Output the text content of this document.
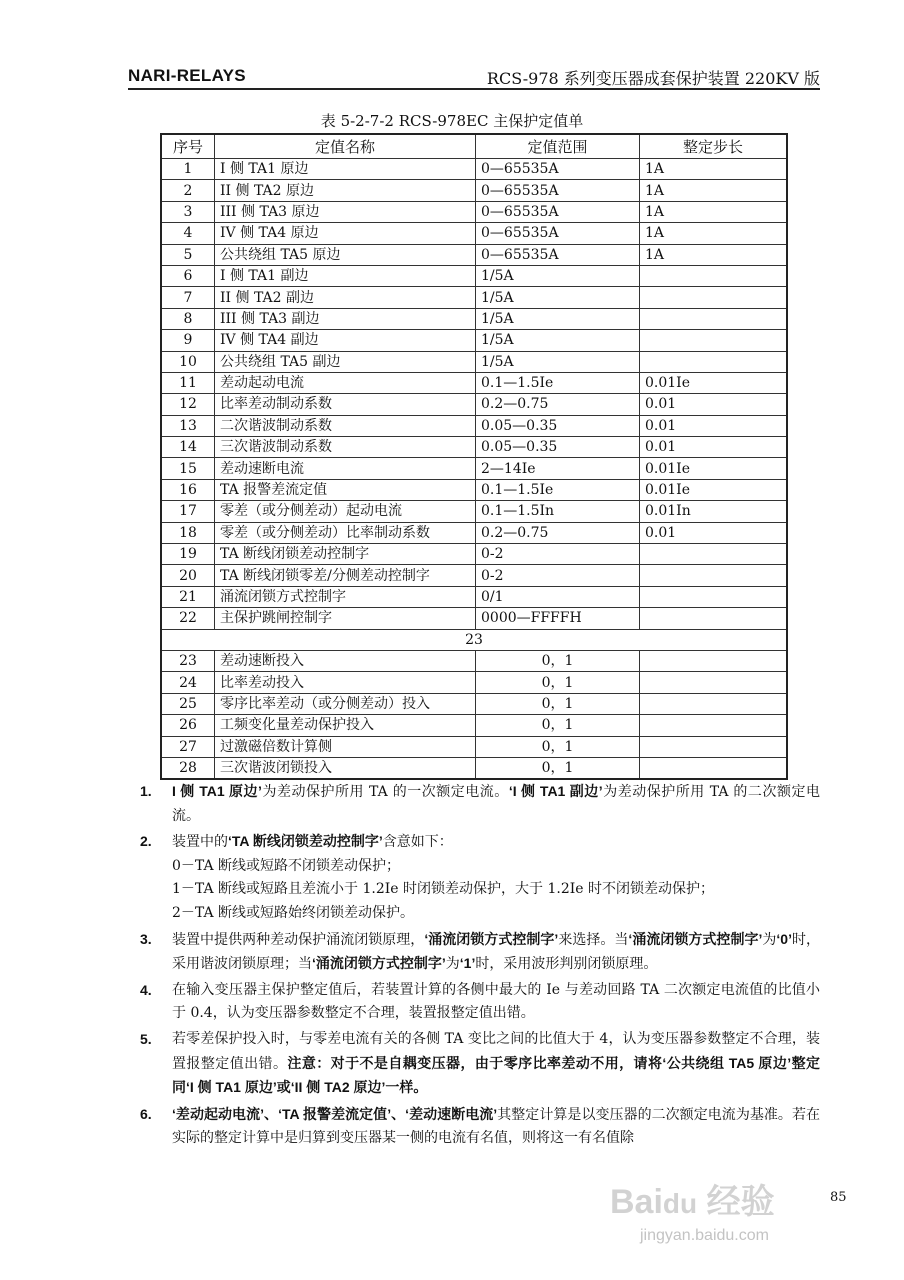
NARI-RELAYS	RCS-978 系列变压器成套保护装置 220KV 版
表 5-2-7-2 RCS-978EC 主保护定值单
序号	定值名称	定值范围	整定步长
1	I 侧 TA1 原边	0—65535A	1A
2	II 侧 TA2 原边	0—65535A	1A
3	III 侧 TA3 原边	0—65535A	1A
4	IV 侧 TA4 原边	0—65535A	1A
5	公共绕组 TA5 原边	0—65535A	1A
6	I 侧 TA1 副边	1/5A	
7	II 侧 TA2 副边	1/5A	
8	III 侧 TA3 副边	1/5A	
9	IV 侧 TA4 副边	1/5A	
10	公共绕组 TA5 副边	1/5A	
11	差动起动电流	0.1—1.5Ie	0.01Ie
12	比率差动制动系数	0.2—0.75	0.01
13	二次谐波制动系数	0.05—0.35	0.01
14	三次谐波制动系数	0.05—0.35	0.01
15	差动速断电流	2—14Ie	0.01Ie
16	TA 报警差流定值	0.1—1.5Ie	0.01Ie
17	零差（或分侧差动）起动电流	0.1—1.5In	0.01In
18	零差（或分侧差动）比率制动系数	0.2—0.75	0.01
19	TA 断线闭锁差动控制字	0-2	
20	TA 断线闭锁零差/分侧差动控制字	0-2	
21	涌流闭锁方式控制字	0/1	
22	主保护跳闸控制字	0000—FFFFH	
23			
23	差动速断投入	0，1	
24	比率差动投入	0，1	
25	零序比率差动（或分侧差动）投入	0，1	
26	工频变化量差动保护投入	0，1	
27	过激磁倍数计算侧	0，1	
28	三次谐波闭锁投入	0，1	
1. I 侧 TA1 原边’为差动保护所用 TA 的一次额定电流。‘I 侧 TA1 副边’为差动保护所用 TA 的二次额定电流。
2. 装置中的‘TA 断线闭锁差动控制字’含意如下：
0－TA 断线或短路不闭锁差动保护；
1－TA 断线或短路且差流小于 1.2Ie 时闭锁差动保护，大于 1.2Ie 时不闭锁差动保护；
2－TA 断线或短路始终闭锁差动保护。
3. 装置中提供两种差动保护涌流闭锁原理，‘涌流闭锁方式控制字’来选择。当‘涌流闭锁方式控制字’为‘0’时，采用谐波闭锁原理；当‘涌流闭锁方式控制字’为‘1’时，采用波形判别闭锁原理。
4. 在输入变压器主保护整定值后，若装置计算的各侧中最大的 Ie 与差动回路 TA 二次额定电流值的比值小于 0.4，认为变压器参数整定不合理，装置报整定值出错。
5. 若零差保护投入时，与零差电流有关的各侧 TA 变比之间的比值大于 4，认为变压器参数整定不合理，装置报整定值出错。注意：对于不是自耦变压器，由于零序比率差动不用，请将‘公共绕组 TA5 原边’整定同‘I 侧 TA1 原边’或‘II 侧 TA2 原边’一样。
6. ‘差动起动电流’、‘TA 报警差流定值’、‘差动速断电流’其整定计算是以变压器的二次额定电流为基准。若在实际的整定计算中是归算到变压器某一侧的电流有名值，则将这一有名值除
Baidu 经验
jingyan.baidu.com
85
